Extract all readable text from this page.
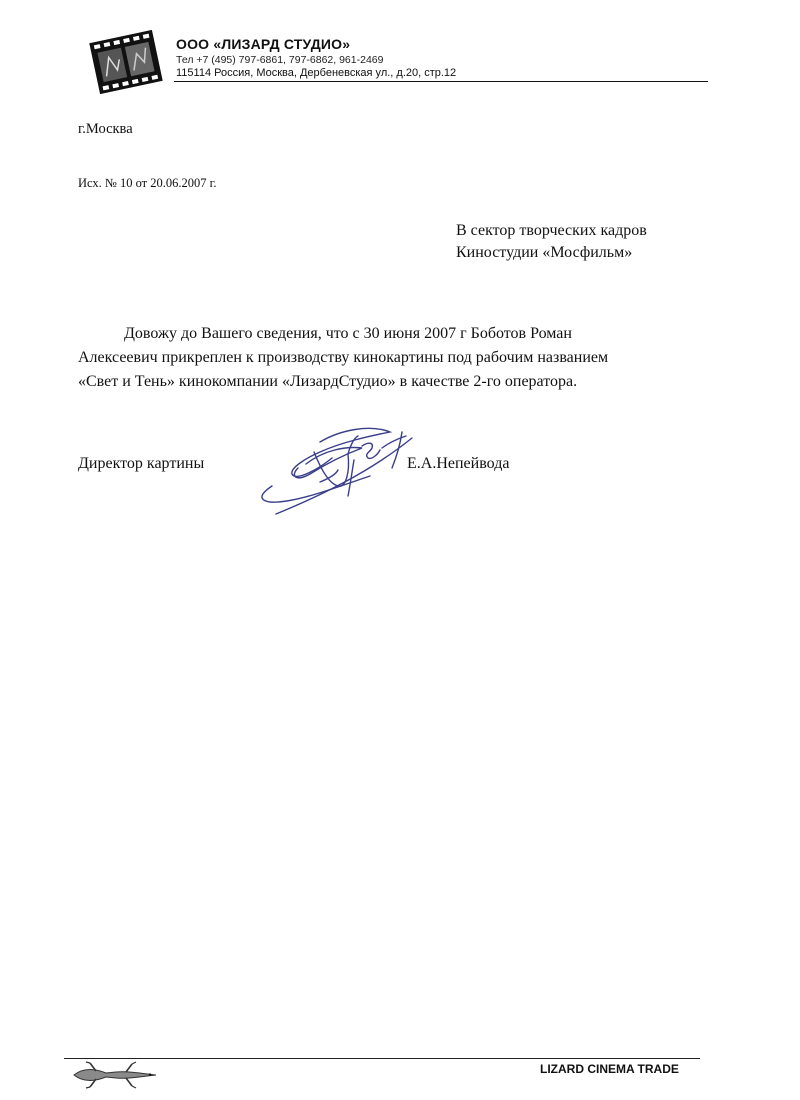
ООО «ЛИЗАРД СТУДИО»
Тел +7 (495) 797-6861, 797-6862, 961-2469
115114 Россия, Москва, Дербеневская ул., д.20, стр.12
г.Москва
Исх. № 10 от 20.06.2007 г.
В сектор творческих кадров
Киностудии «Мосфильм»
Довожу до Вашего сведения, что с 30 июня 2007 г Боботов Роман
Алексеевич прикреплен к производству кинокартины под рабочим названием
«Свет и Тень» кинокомпании «ЛизардСтудио» в качестве 2-го оператора.
Директор картины	Е.А.Непейвода
LIZARD CINEMA TRADE
